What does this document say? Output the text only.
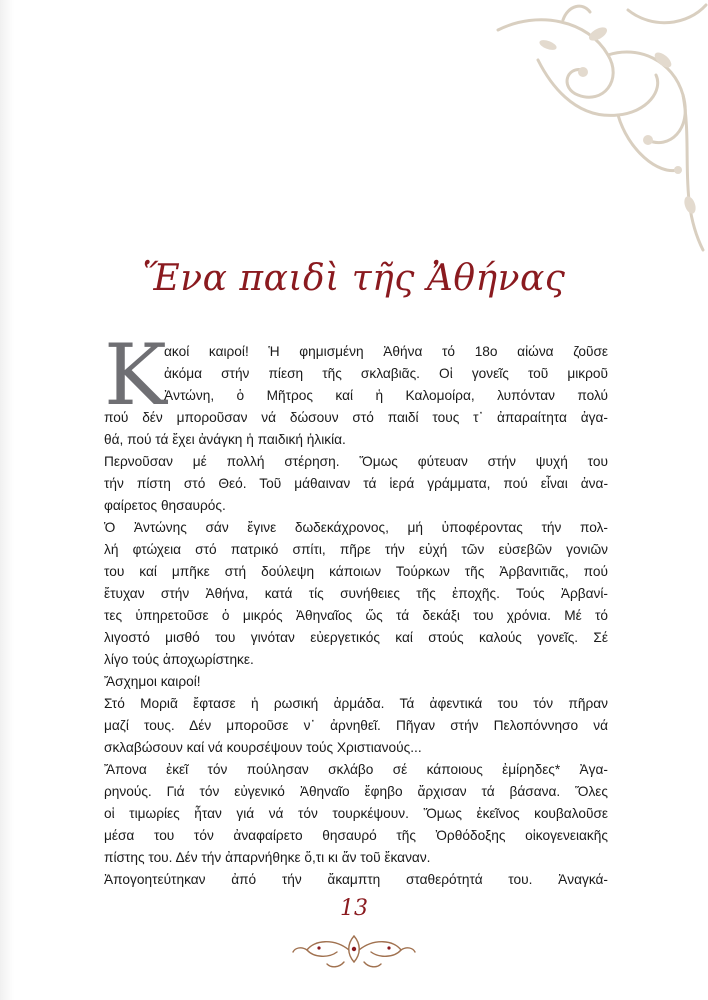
Ἕνα παιδὶ τῆς Ἀθήνας
Κ
ακοί καιροί! Ἡ φημισμένη Ἀθήνα τό 18ο αἰώνα ζοῦσε
ἀκόμα στήν πίεση τῆς σκλαβιᾶς. Οἱ γονεῖς τοῦ μικροῦ
Ἀντώνη, ὁ Μῆτρος καί ἡ Καλομοίρα, λυπόνταν πολύ
πού δέν μποροῦσαν νά δώσουν στό παιδί τους τ᾽ ἀπαραίτητα ἀγα-
θά, πού τά ἔχει ἀνάγκη ἡ παιδική ἡλικία.
Περνοῦσαν μέ πολλή στέρηση. Ὅμως φύτευαν στήν ψυχή του
τήν πίστη στό Θεό. Τοῦ μάθαιναν τά ἱερά γράμματα, πού εἶναι ἀνα-
φαίρετος θησαυρός.
Ὁ Ἀντώνης σάν ἔγινε δωδεκάχρονος, μή ὑποφέροντας τήν πολ-
λή φτώχεια στό πατρικό σπίτι, πῆρε τήν εὐχή τῶν εὐσεβῶν γονιῶν
του καί μπῆκε στή δούλεψη κάποιων Τούρκων τῆς Ἀρβανιτιᾶς, πού
ἔτυχαν στήν Ἀθήνα, κατά τίς συνήθειες τῆς ἐποχῆς. Τούς Ἀρβανί-
τες ὑπηρετοῦσε ὁ μικρός Ἀθηναῖος ὥς τά δεκάξι του χρόνια. Μέ τό
λιγοστό μισθό του γινόταν εὐεργετικός καί στούς καλούς γονεῖς. Σέ
λίγο τούς ἀποχωρίστηκε.
Ἄσχημοι καιροί!
Στό Μοριᾶ ἔφτασε ἡ ρωσική ἀρμάδα. Τά ἀφεντικά του τόν πῆραν
μαζί τους. Δέν μποροῦσε ν᾽ ἀρνηθεῖ. Πῆγαν στήν Πελοπόννησο νά
σκλαβώσουν καί νά κουρσέψουν τούς Χριστιανούς...
Ἄπονα ἐκεῖ τόν πούλησαν σκλάβο σέ κάποιους ἐμίρηδες* Ἀγα-
ρηνούς. Γιά τόν εὐγενικό Ἀθηναῖο ἔφηβο ἄρχισαν τά βάσανα. Ὅλες
οἱ τιμωρίες ἦταν γιά νά τόν τουρκέψουν. Ὅμως ἐκεῖνος κουβαλοῦσε
μέσα του τόν ἀναφαίρετο θησαυρό τῆς Ὀρθόδοξης οἰκογενειακῆς
πίστης του. Δέν τήν ἀπαρνήθηκε ὅ,τι κι ἄν τοῦ ἔκαναν.
Ἀπογοητεύτηκαν ἀπό τήν ἄκαμπτη σταθερότητά του. Ἀναγκά-
13
